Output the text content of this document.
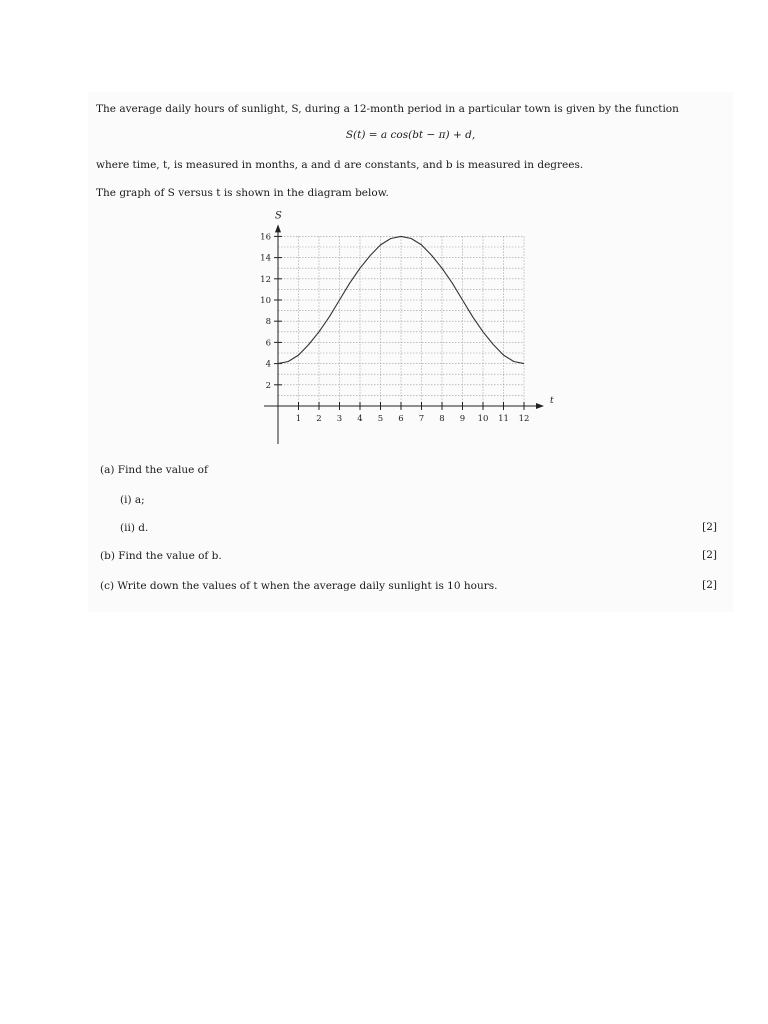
The average daily hours of sunlight, S, during a 12-month period in a particular town is given by the function
S(t) = a cos(bt − π) + d,
where time, t, is measured in months, a and d are constants, and b is measured in degrees.
The graph of S versus t is shown in the diagram below.
t
S
1 2 3 4 5 6 7 8 9 10 11 12
2
4
6
8
10
12
14
16
(a) Find the value of
(i) a;
(ii) d.	[2]
(b) Find the value of b.	[2]
(c) Write down the values of t when the average daily sunlight is 10 hours.	[2]
